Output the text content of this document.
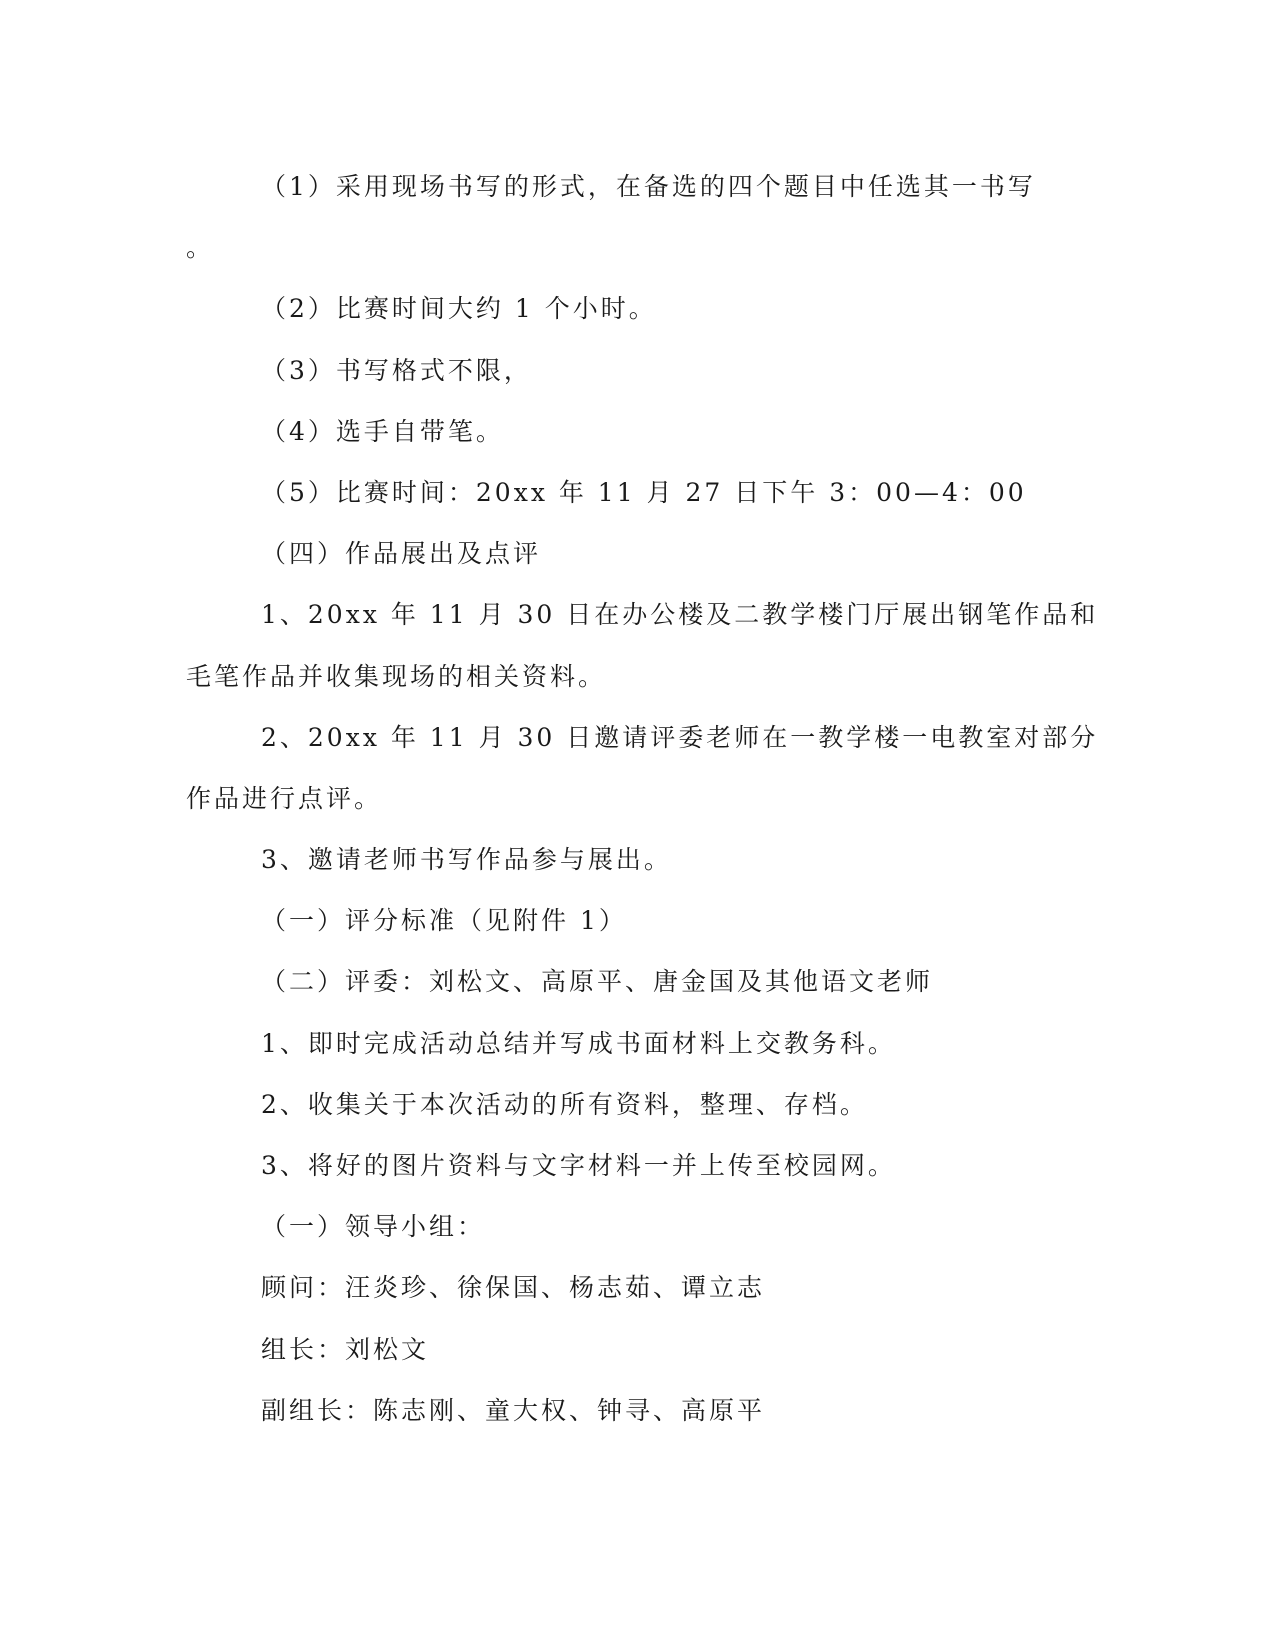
（1）采用现场书写的形式，在备选的四个题目中任选其一书写

。

（2）比赛时间大约 1 个小时。

（3）书写格式不限，

（4）选手自带笔。

（5）比赛时间：20xx 年 11 月 27 日下午 3：00—4：00

（四）作品展出及点评

1、20xx 年 11 月 30 日在办公楼及二教学楼门厅展出钢笔作品和

毛笔作品并收集现场的相关资料。

2、20xx 年 11 月 30 日邀请评委老师在一教学楼一电教室对部分

作品进行点评。

3、邀请老师书写作品参与展出。

（一）评分标准（见附件 1）

（二）评委：刘松文、高原平、唐金国及其他语文老师

1、即时完成活动总结并写成书面材料上交教务科。

2、收集关于本次活动的所有资料，整理、存档。

3、将好的图片资料与文字材料一并上传至校园网。

（一）领导小组：

顾问：汪炎珍、徐保国、杨志茹、谭立志

组长：刘松文

副组长：陈志刚、童大权、钟寻、高原平
